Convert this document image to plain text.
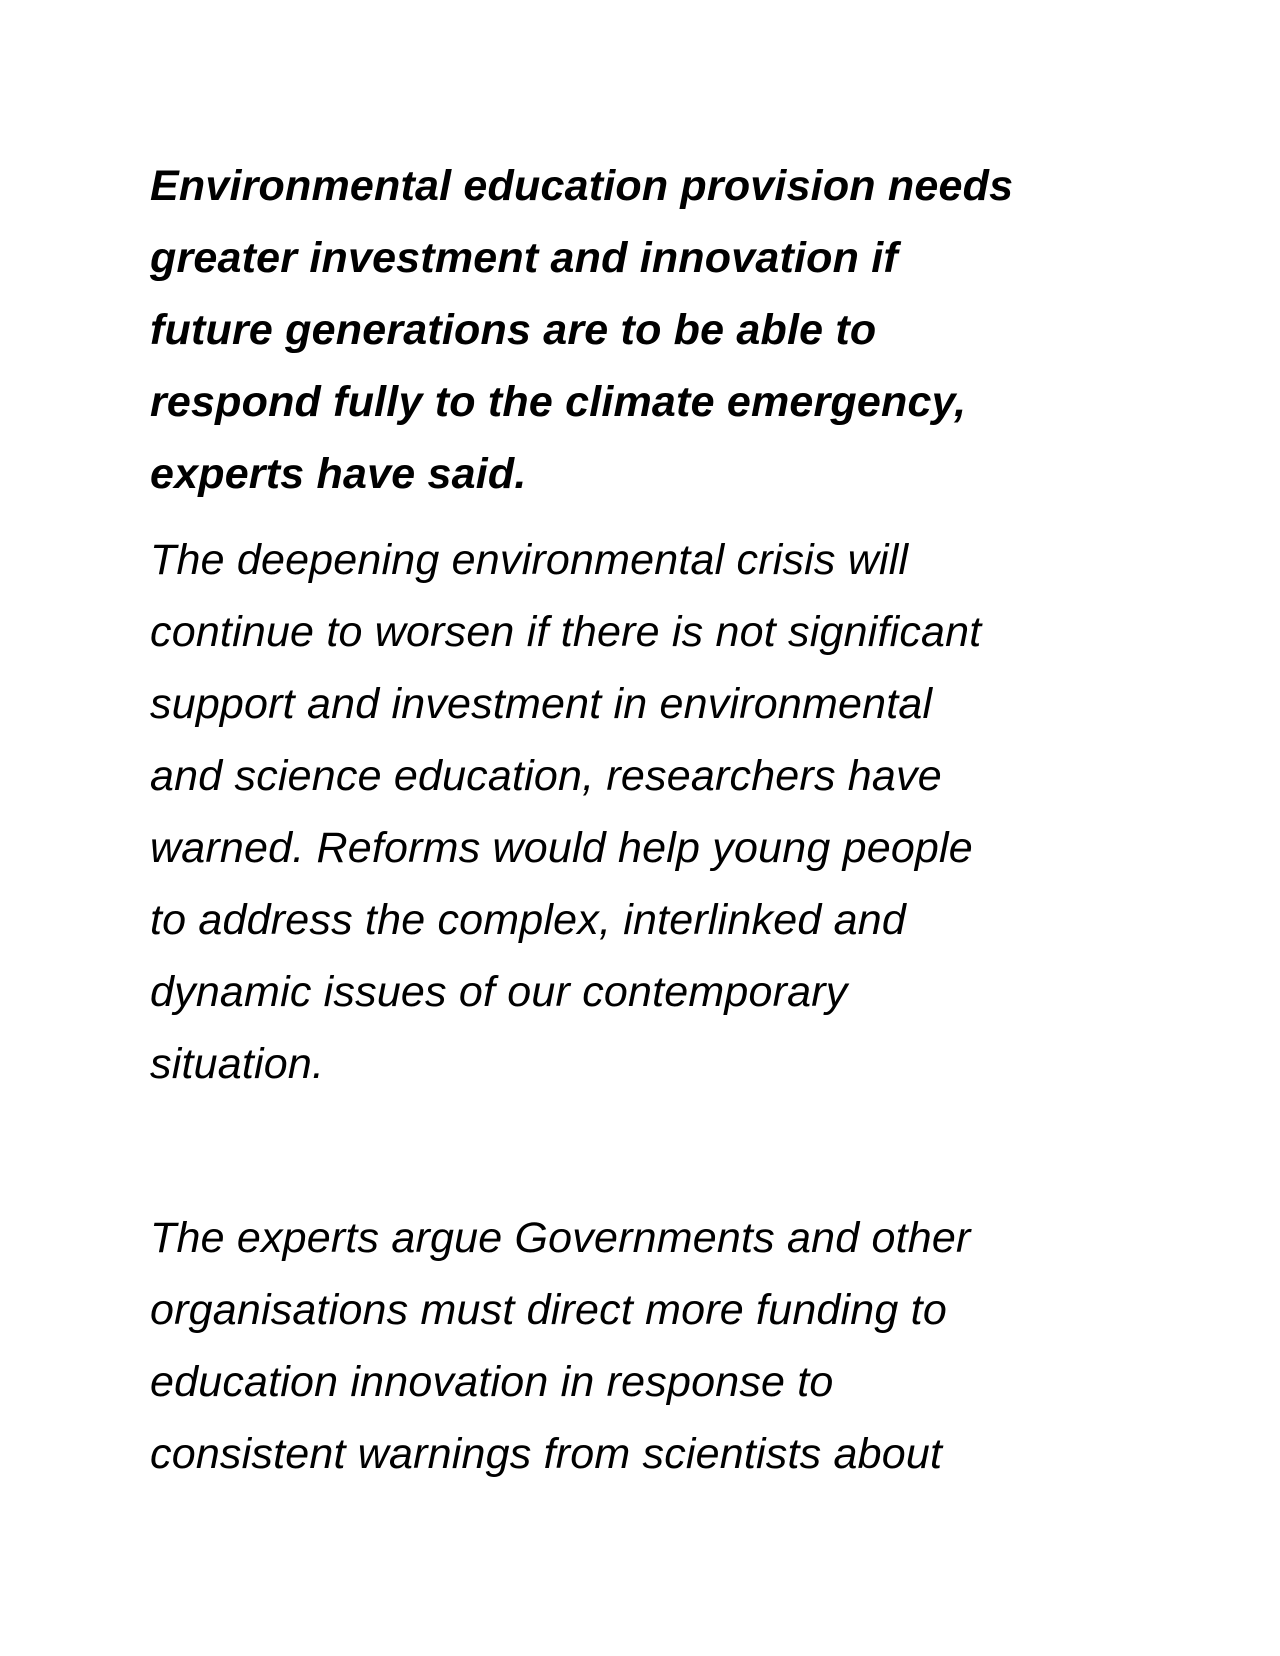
Environmental education provision needs
greater investment and innovation if
future generations are to be able to
respond fully to the climate emergency,
experts have said.

The deepening environmental crisis will
continue to worsen if there is not significant
support and investment in environmental
and science education, researchers have
warned. Reforms would help young people
to address the complex, interlinked and
dynamic issues of our contemporary
situation.

The experts argue Governments and other
organisations must direct more funding to
education innovation in response to
consistent warnings from scientists about
